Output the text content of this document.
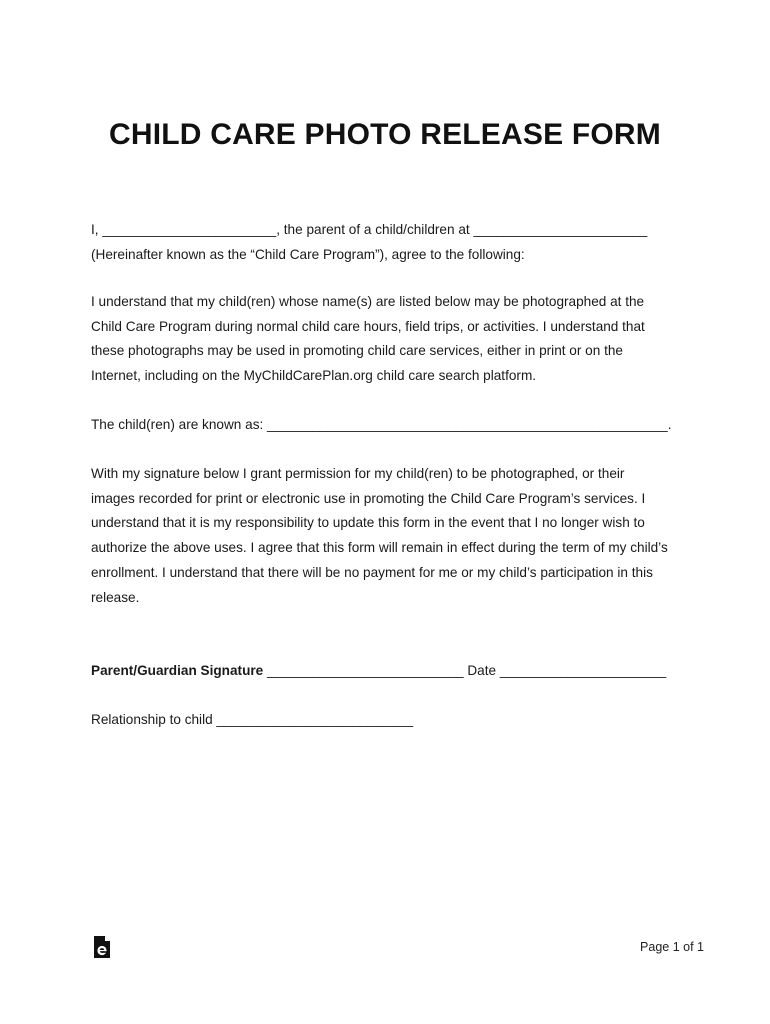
CHILD CARE PHOTO RELEASE FORM
I, _______________________, the parent of a child/children at _______________________
(Hereinafter known as the “Child Care Program”), agree to the following:
I understand that my child(ren) whose name(s) are listed below may be photographed at the
Child Care Program during normal child care hours, field trips, or activities. I understand that
these photographs may be used in promoting child care services, either in print or on the
Internet, including on the MyChildCarePlan.org child care search platform.
The child(ren) are known as: _____________________________________________________.
With my signature below I grant permission for my child(ren) to be photographed, or their
images recorded for print or electronic use in promoting the Child Care Program’s services. I
understand that it is my responsibility to update this form in the event that I no longer wish to
authorize the above uses. I agree that this form will remain in effect during the term of my child’s
enrollment. I understand that there will be no payment for me or my child’s participation in this
release.
Parent/Guardian Signature __________________________ Date ______________________
Relationship to child __________________________
Page 1 of 1
